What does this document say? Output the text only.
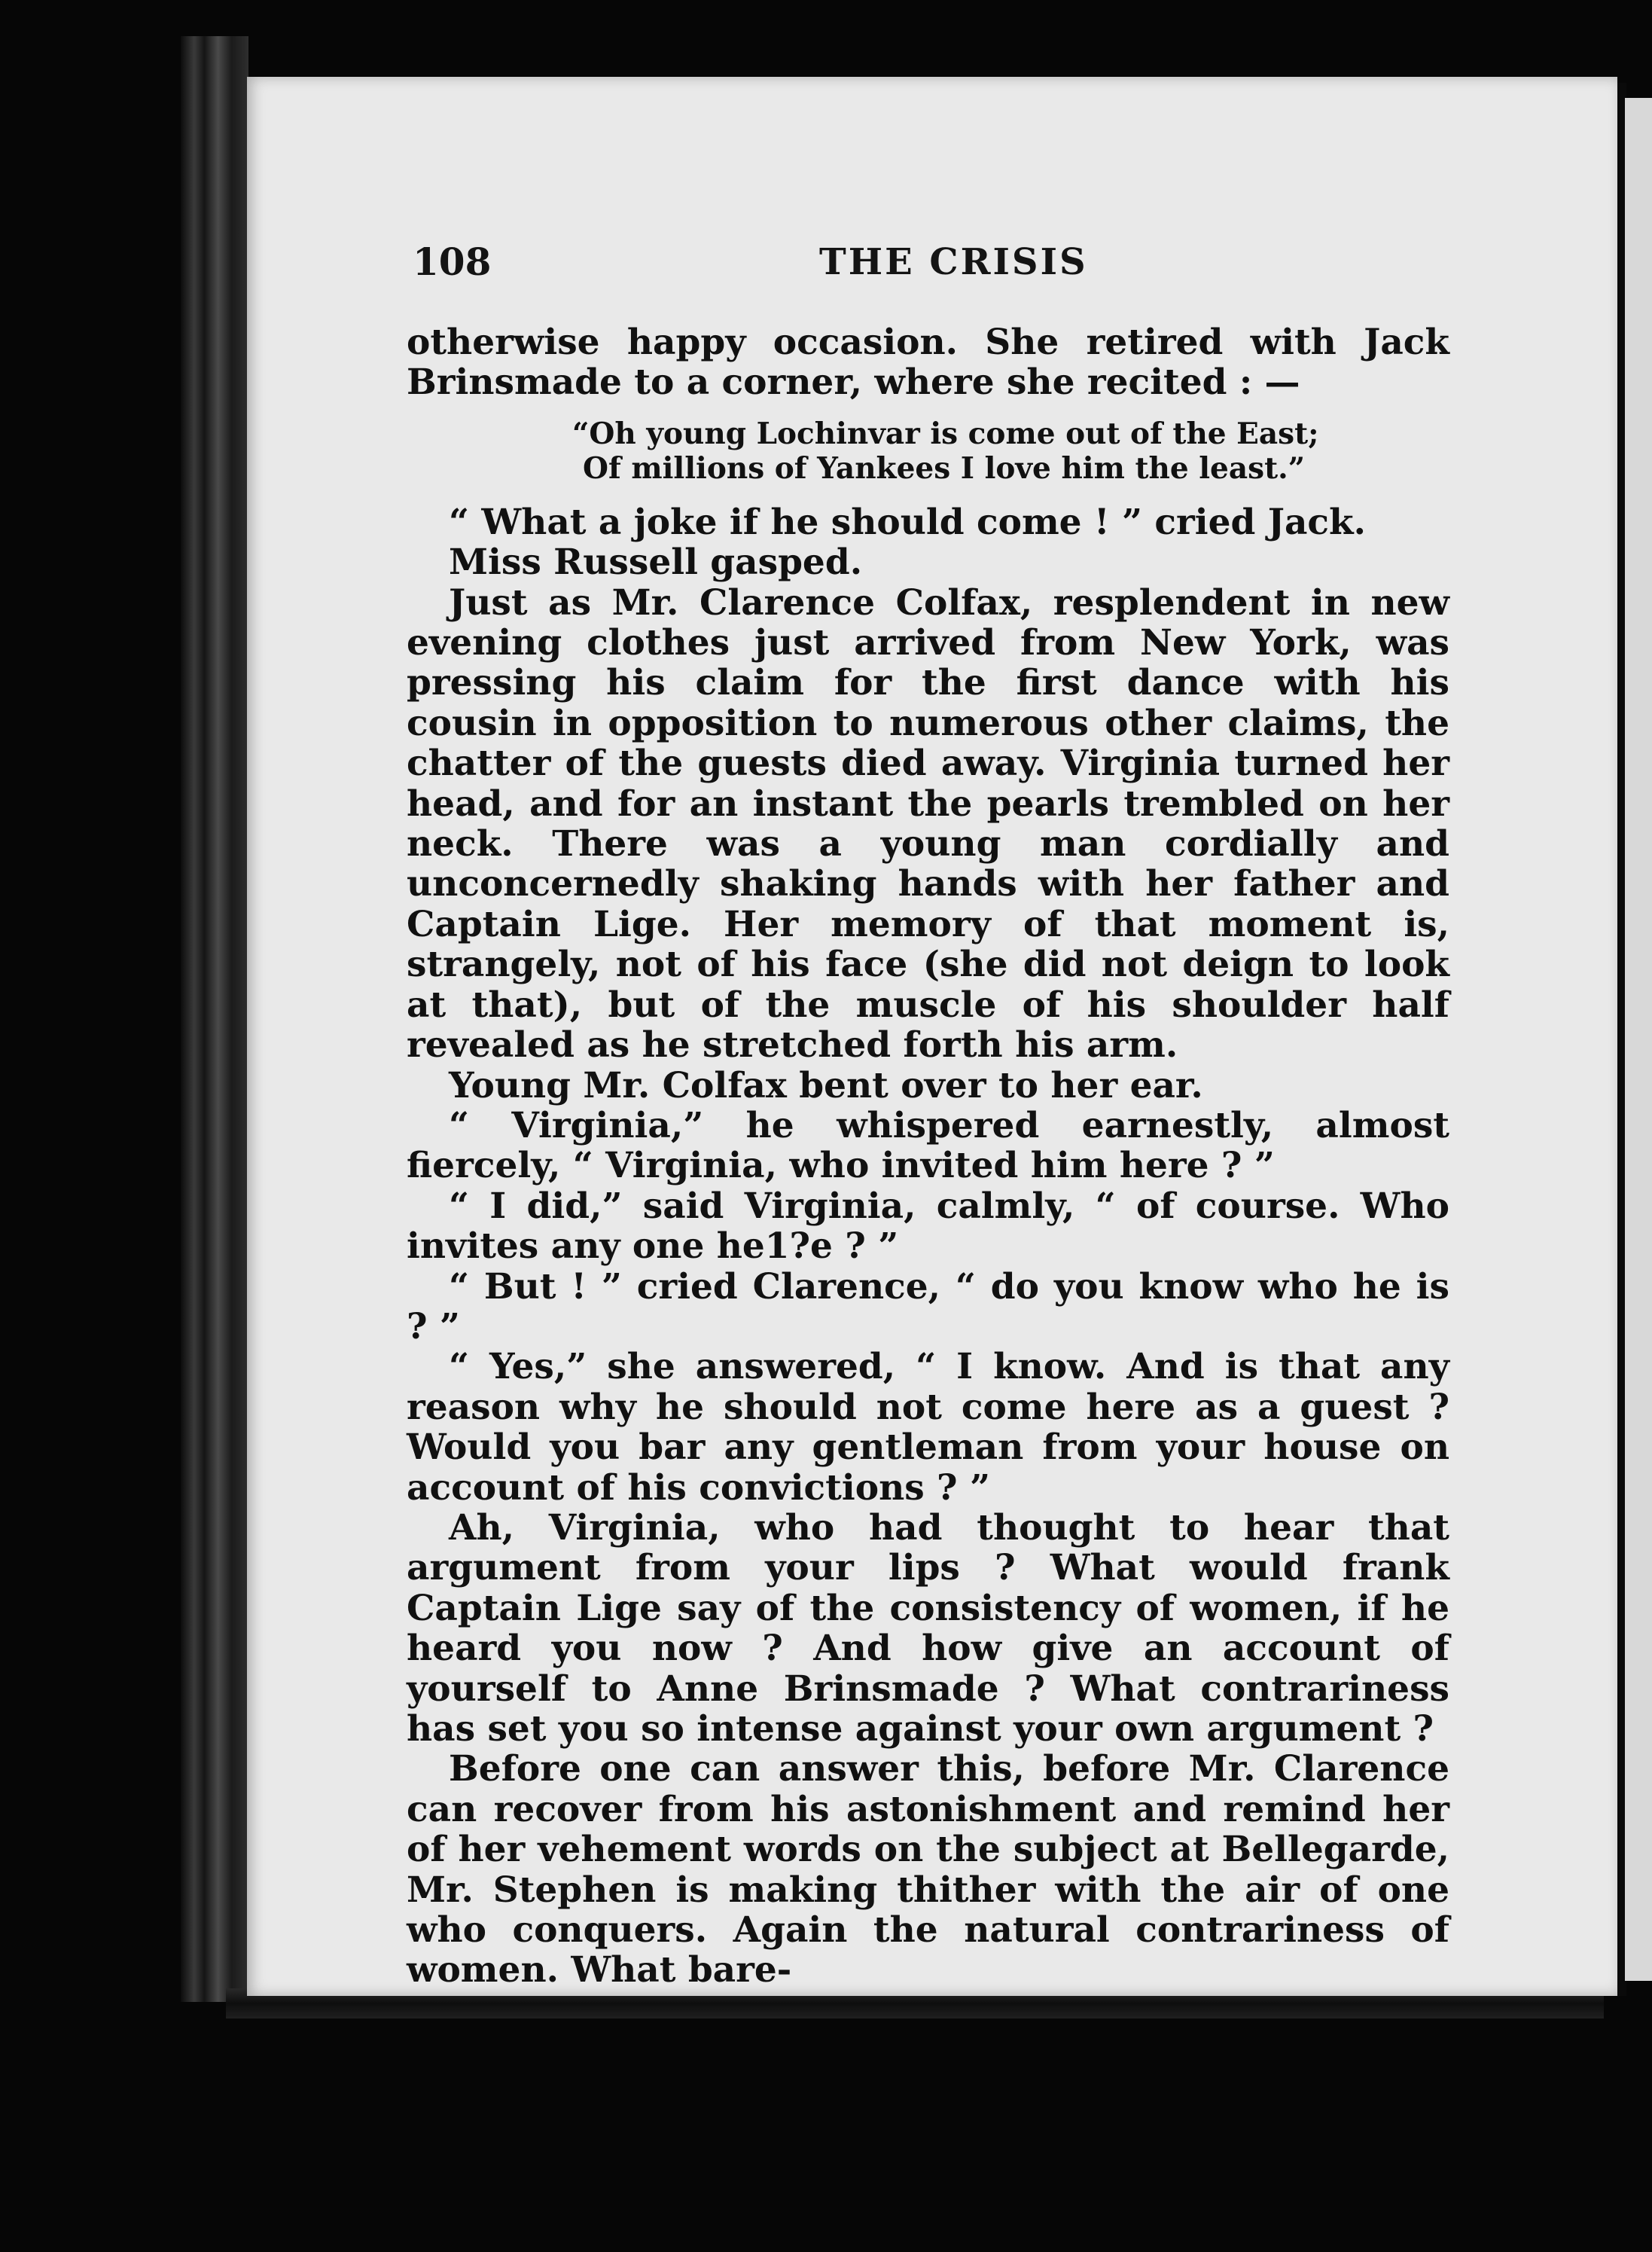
108	THE CRISIS

otherwise happy occasion. She retired with Jack Brinsmade to a corner, where she recited : —

“Oh young Lochinvar is come out of the East;
Of millions of Yankees I love him the least.”

“ What a joke if he should come ! ” cried Jack.

Miss Russell gasped.

Just as Mr. Clarence Colfax, resplendent in new evening clothes just arrived from New York, was pressing his claim for the first dance with his cousin in opposition to numerous other claims, the chatter of the guests died away. Virginia turned her head, and for an instant the pearls trembled on her neck. There was a young man cordially and unconcernedly shaking hands with her father and Captain Lige. Her memory of that moment is, strangely, not of his face (she did not deign to look at that), but of the muscle of his shoulder half revealed as he stretched forth his arm.

Young Mr. Colfax bent over to her ear.

“ Virginia,” he whispered earnestly, almost fiercely, “ Virginia, who invited him here ? ”

“ I did,” said Virginia, calmly, “ of course. Who invites any one he1?e ? ”

“ But ! ” cried Clarence, “ do you know who he is ? ”

“ Yes,” she answered, “ I know. And is that any reason why he should not come here as a guest ? Would you bar any gentleman from your house on account of his convictions ? ”

Ah, Virginia, who had thought to hear that argument from your lips ? What would frank Captain Lige say of the consistency of women, if he heard you now ? And how give an account of yourself to Anne Brinsmade ? What contrariness has set you so intense against your own argument ?

Before one can answer this, before Mr. Clarence can recover from his astonishment and remind her of her vehement words on the subject at Bellegarde, Mr. Stephen is making thither with the air of one who conquers. Again the natural contrariness of women. What bare-
